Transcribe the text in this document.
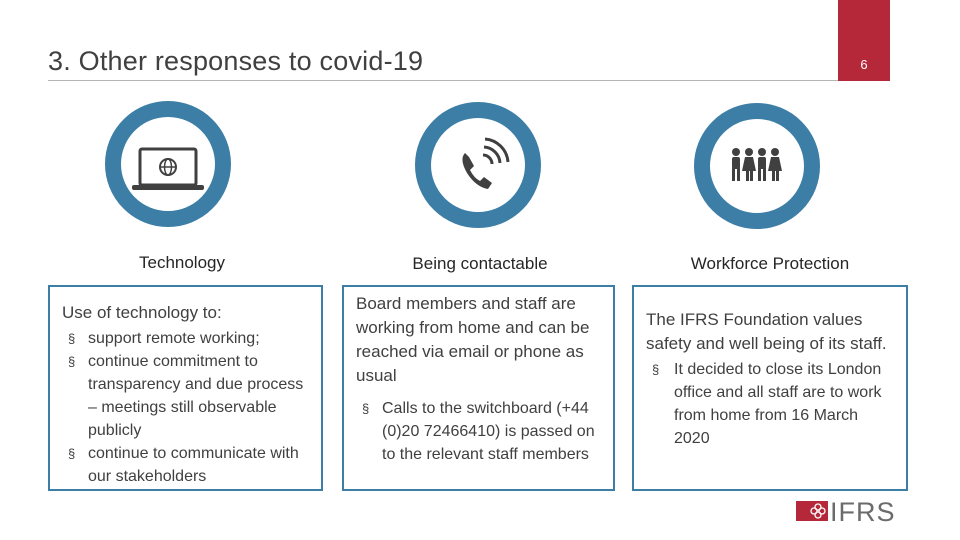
3. Other responses to covid-19	6
Technology
Use of technology to:
§ support remote working;
§ continue commitment to transparency and due process – meetings still observable publicly
§ continue to communicate with our stakeholders
Being contactable
Board members and staff are working from home and can be reached via email or phone as usual
§ Calls to the switchboard (+44 (0)20 72466410) is passed on to the relevant staff members
Workforce Protection
The IFRS Foundation values safety and well being of its staff.
§ It decided to close its London office and all staff are to work from home from 16 March 2020
IFRS
